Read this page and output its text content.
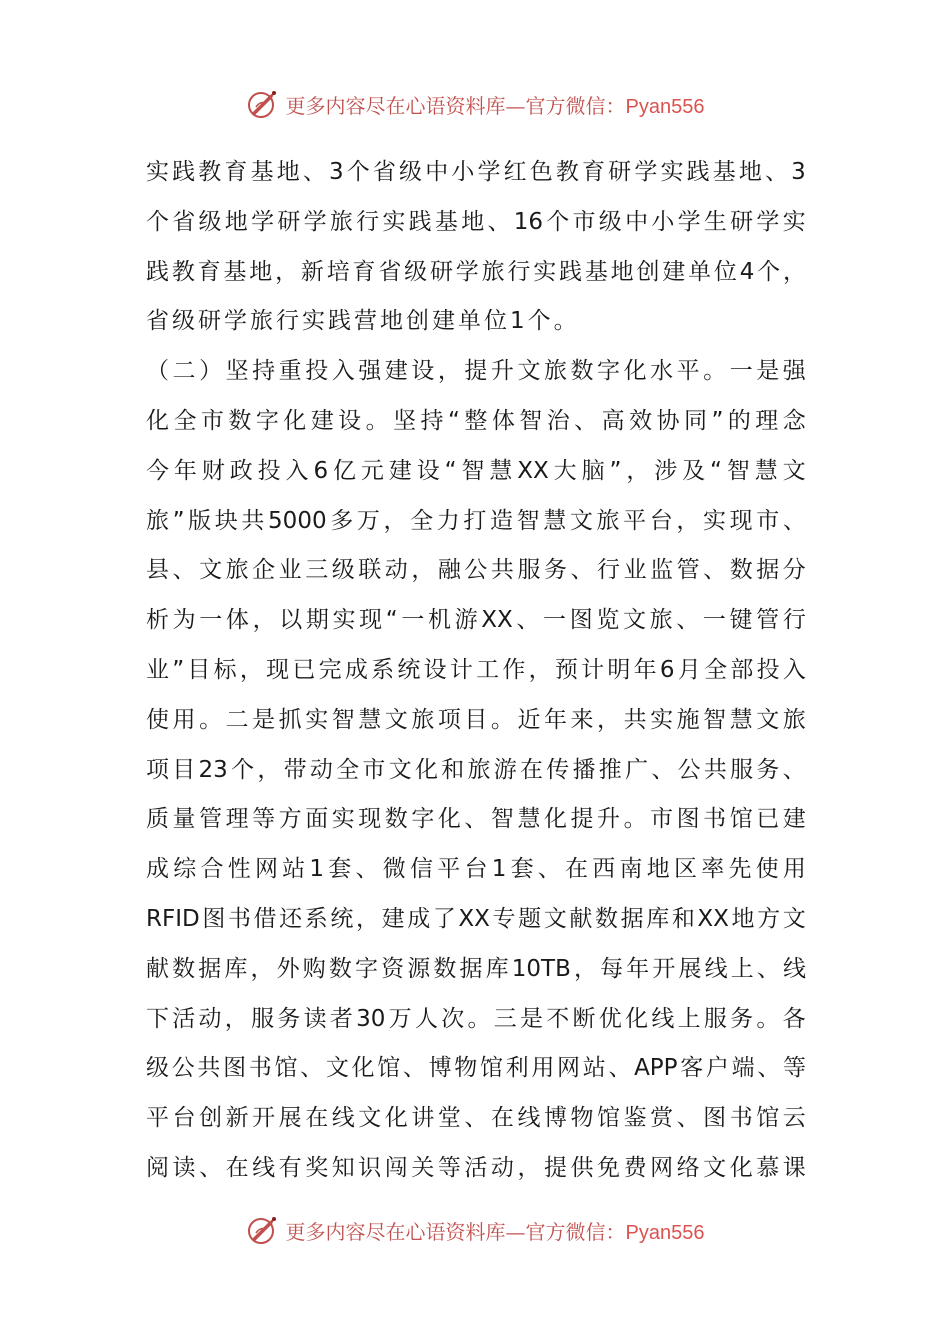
更多内容尽在心语资料库—官方微信：Pyan556
实 践 教 育 基 地 、 3 个 省 级 中 小 学 红 色 教 育 研 学 实 践 基 地 、 3
个 省 级 地 学 研 学 旅 行 实 践 基 地 、 16 个 市 级 中 小 学 生 研 学 实
践 教 育 基 地 ， 新 培 育 省 级 研 学 旅 行 实 践 基 地 创 建 单 位 4 个 ，
省级研学旅行实践营地创建单位1个。
（ 二 ） 坚 持 重 投 入 强 建 设 ， 提 升 文 旅 数 字 化 水 平 。 一 是 强
化 全 市 数 字 化 建 设 。 坚 持 “ 整 体 智 治 、 高 效 协 同 ” 的 理 念
今 年 财 政 投 入 6 亿 元 建 设 “ 智 慧 XX 大 脑 ” ， 涉 及 “ 智 慧 文
旅 ” 版 块 共 5000 多 万 ， 全 力 打 造 智 慧 文 旅 平 台 ， 实 现 市 、
县 、 文 旅 企 业 三 级 联 动 ， 融 公 共 服 务 、 行 业 监 管 、 数 据 分
析 为 一 体 ， 以 期 实 现 “ 一 机 游 XX 、 一 图 览 文 旅 、 一 键 管 行
业 ” 目 标 ， 现 已 完 成 系 统 设 计 工 作 ， 预 计 明 年 6 月 全 部 投 入
使 用 。 二 是 抓 实 智 慧 文 旅 项 目 。 近 年 来 ， 共 实 施 智 慧 文 旅
项 目 23 个 ， 带 动 全 市 文 化 和 旅 游 在 传 播 推 广 、 公 共 服 务 、
质 量 管 理 等 方 面 实 现 数 字 化 、 智 慧 化 提 升 。 市 图 书 馆 已 建
成 综 合 性 网 站 1 套 、 微 信 平 台 1 套 、 在 西 南 地 区 率 先 使 用
RFID 图 书 借 还 系 统 ， 建 成 了 XX 专 题 文 献 数 据 库 和 XX 地 方 文
献 数 据 库 ， 外 购 数 字 资 源 数 据 库 10TB ， 每 年 开 展 线 上 、 线
下 活 动 ， 服 务 读 者 30 万 人 次 。 三 是 不 断 优 化 线 上 服 务 。 各
级 公 共 图 书 馆 、 文 化 馆 、 博 物 馆 利 用 网 站 、 APP 客 户 端 、 等
平 台 创 新 开 展 在 线 文 化 讲 堂 、 在 线 博 物 馆 鉴 赏 、 图 书 馆 云
阅 读 、 在 线 有 奖 知 识 闯 关 等 活 动 ， 提 供 免 费 网 络 文 化 慕 课
更多内容尽在心语资料库—官方微信：Pyan556
